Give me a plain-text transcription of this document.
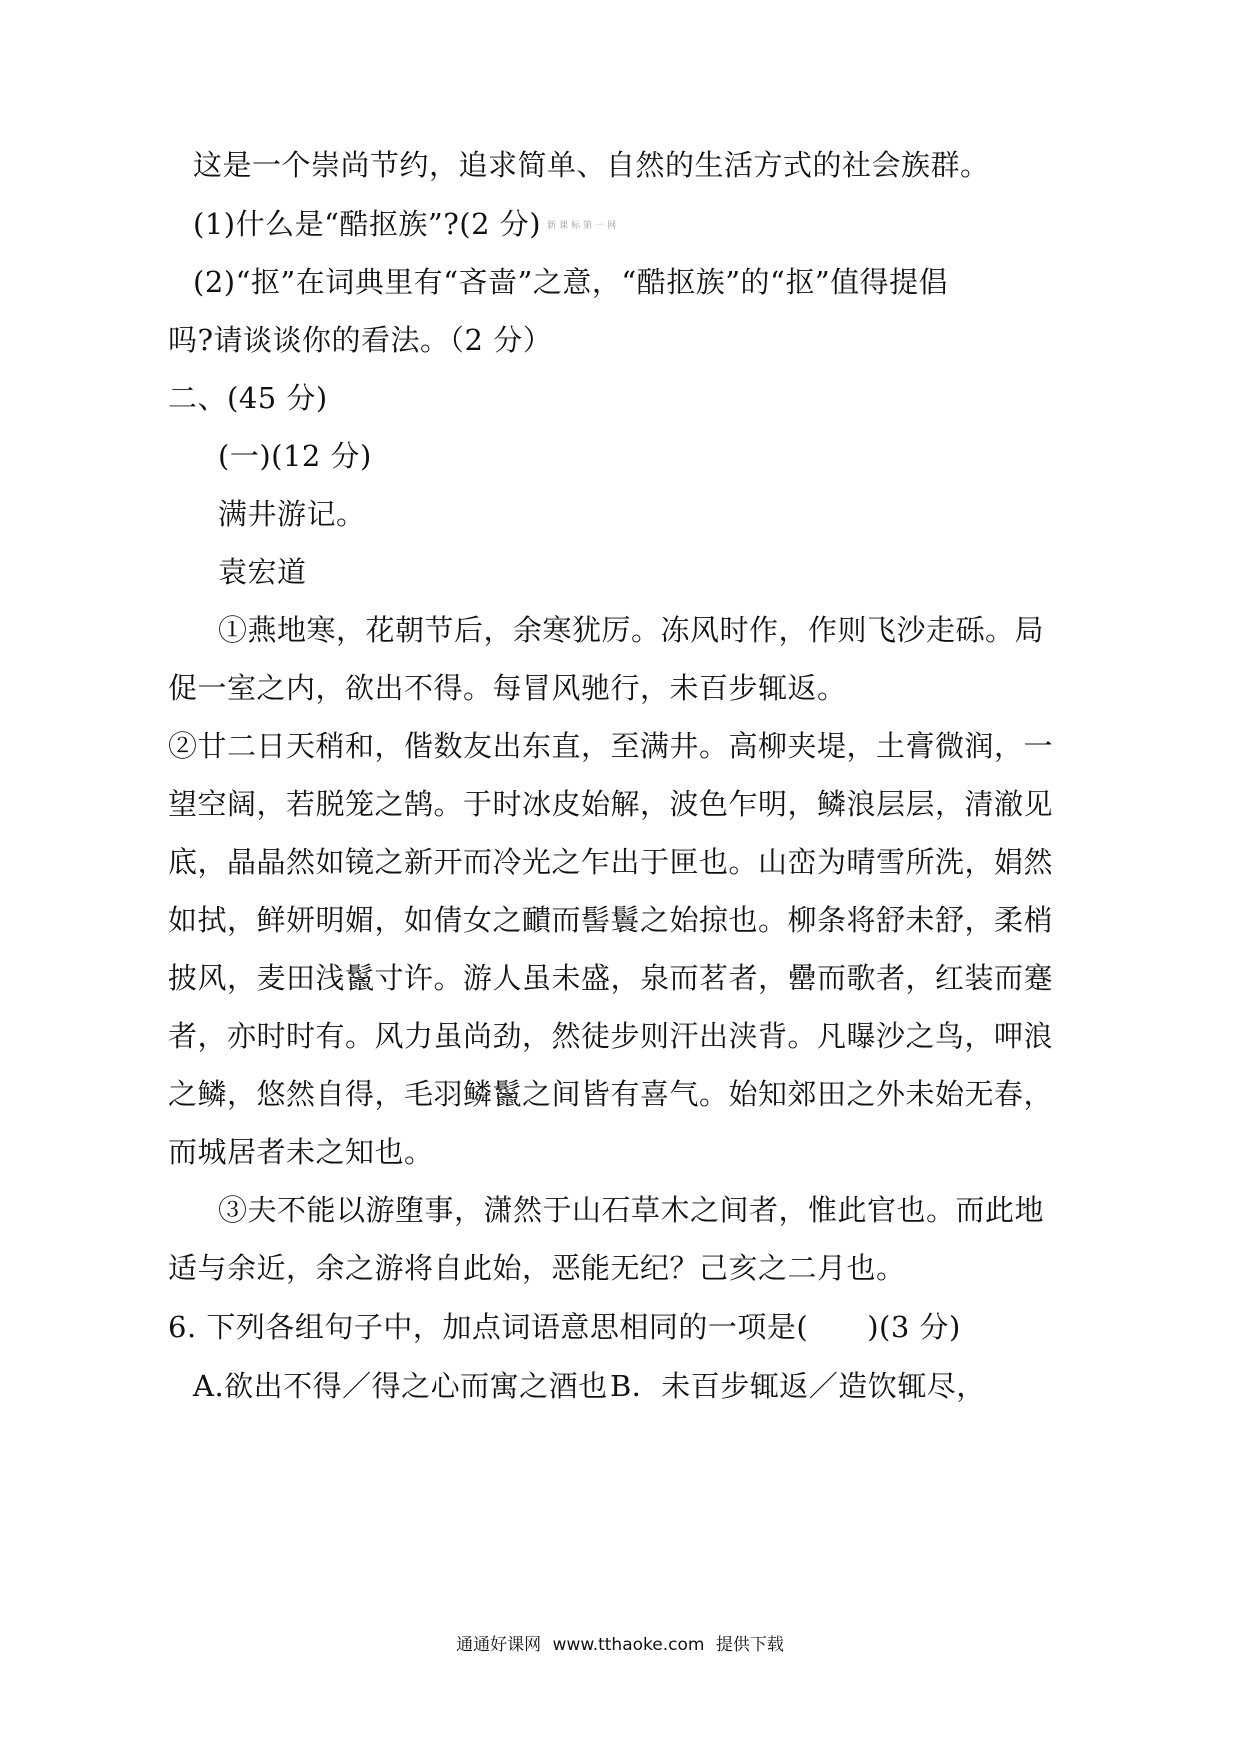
这是一个崇尚节约，追求简单、自然的生活方式的社会族群。
(1)什么是“酷抠族”?(2 分) 新课标第一网
(2)“抠”在词典里有“吝啬”之意，“酷抠族”的“抠”值得提倡
吗?请谈谈你的看法。（2 分）
二、(45 分)
(一)(12 分)
满井游记。
袁宏道
①燕地寒，花朝节后，余寒犹厉。冻风时作，作则飞沙走砾。局
促一室之内，欲出不得。每冒风驰行，未百步辄返。
②廿二日天稍和，偕数友出东直，至满井。高柳夹堤，土膏微润，一
望空阔，若脱笼之鹄。于时冰皮始解，波色乍明，鳞浪层层，清澈见
底，晶晶然如镜之新开而冷光之乍出于匣也。山峦为晴雪所洗，娟然
如拭，鲜妍明媚，如倩女之靧而髻鬟之始掠也。柳条将舒未舒，柔梢
披风，麦田浅鬣寸许。游人虽未盛，泉而茗者，罍而歌者，红装而蹇
者，亦时时有。风力虽尚劲，然徒步则汗出浃背。凡曝沙之鸟，呷浪
之鳞，悠然自得，毛羽鳞鬣之间皆有喜气。始知郊田之外未始无春，
而城居者未之知也。
③夫不能以游堕事，潇然于山石草木之间者，惟此官也。而此地
适与余近，余之游将自此始，恶能无纪？己亥之二月也。
6. 下列各组句子中，加点词语意思相同的一项是(　　)(3 分)
A.欲出不得／得之心而寓之酒也 B．未百步辄返／造饮辄尽，
通通好课网 www.tthaoke.com 提供下载
